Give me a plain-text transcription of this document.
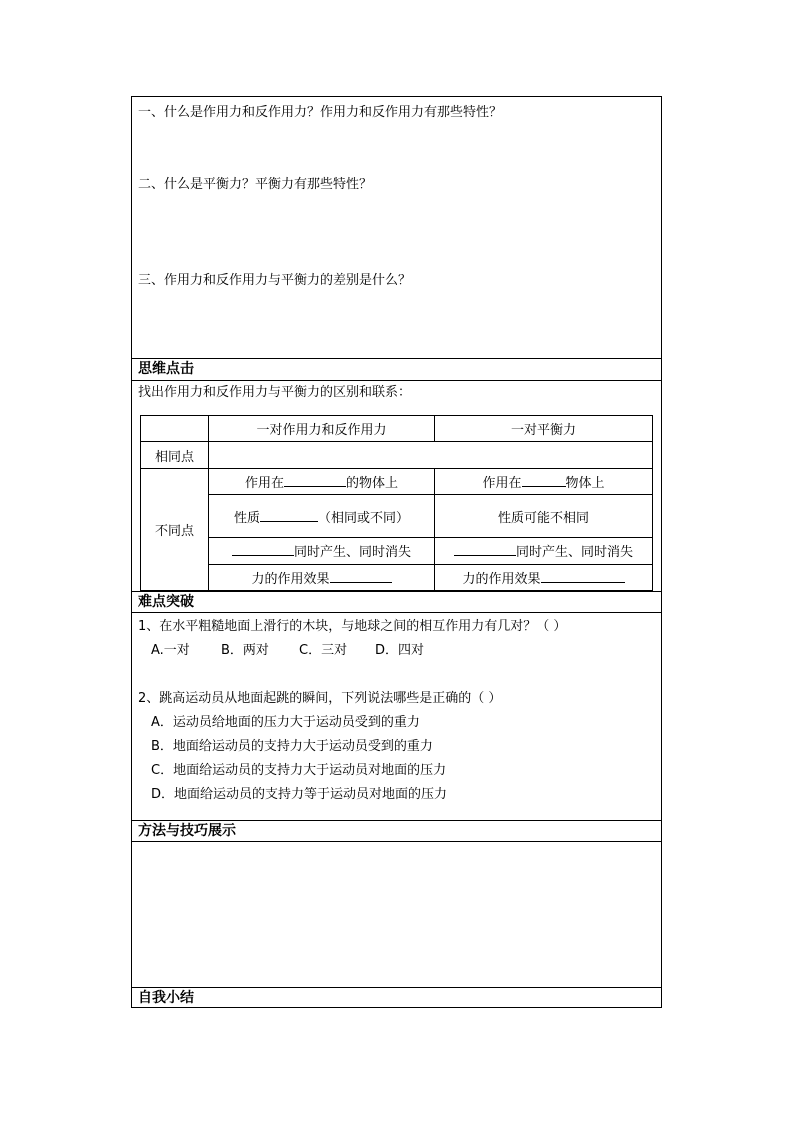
一、什么是作用力和反作用力？作用力和反作用力有那些特性？
二、什么是平衡力？平衡力有那些特性？
三、作用力和反作用力与平衡力的差别是什么？
思维点击
找出作用力和反作用力与平衡力的区别和联系：
	一对作用力和反作用力	一对平衡力
相同点		
不同点	作用在 的物体上	作用在 物体上
	性质 （相同或不同）	性质可能不相同
	同时产生、同时消失	同时产生、同时消失
	力的作用效果	力的作用效果
难点突破
1、在水平粗糙地面上滑行的木块，与地球之间的相互作用力有几对？（ ）
A.一对 B．两对 C．三对 D．四对
2、跳高运动员从地面起跳的瞬间，下列说法哪些是正确的（ ）
A．运动员给地面的压力大于运动员受到的重力
B．地面给运动员的支持力大于运动员受到的重力
C．地面给运动员的支持力大于运动员对地面的压力
D．地面给运动员的支持力等于运动员对地面的压力
方法与技巧展示
自我小结
